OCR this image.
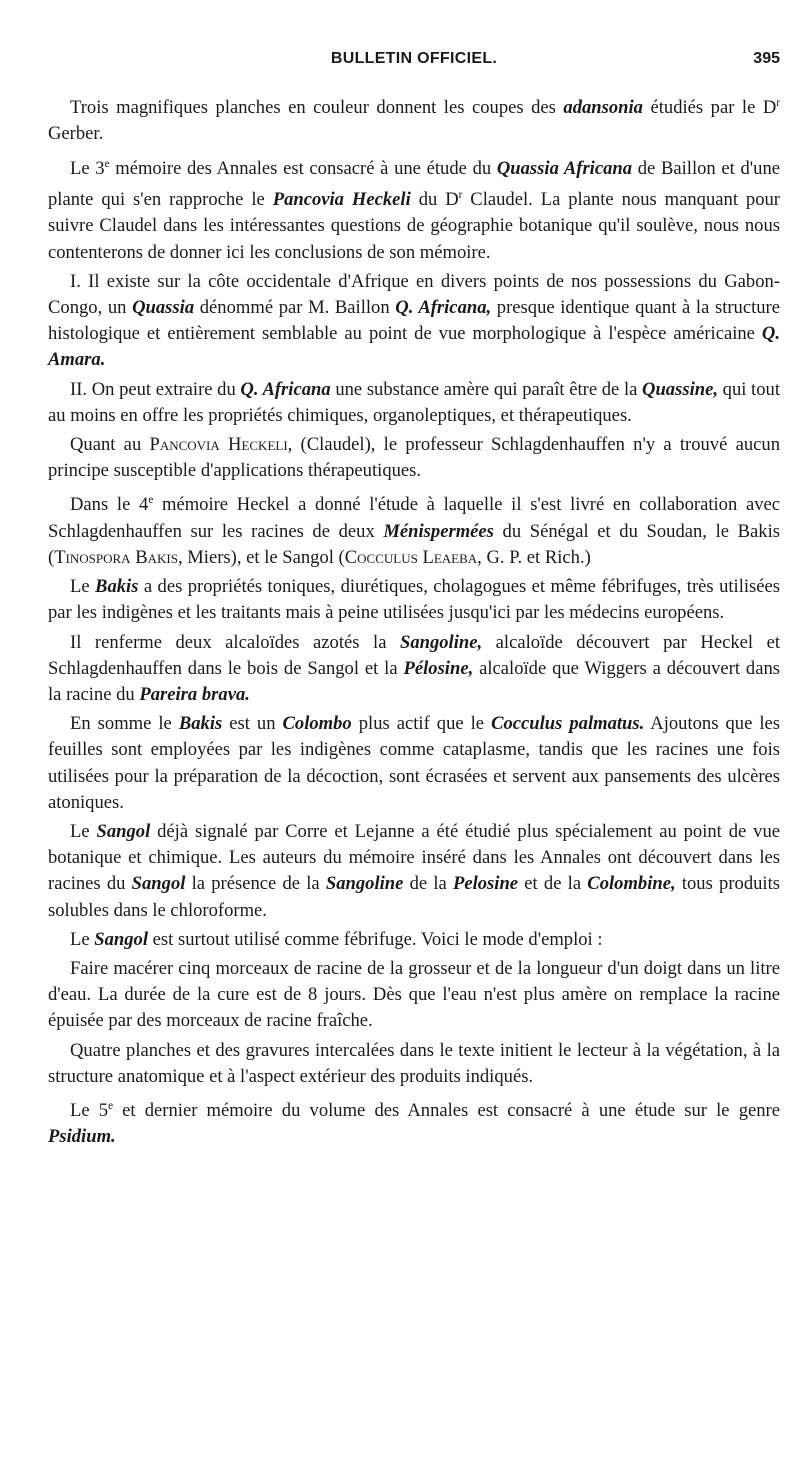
BULLETIN OFFICIEL.	395

Trois magnifiques planches en couleur donnent les coupes des adansonia étudiés par le $D^r$ Gerber.

Le 3e mémoire des Annales est consacré à une étude du Quassia Africana de Baillon et d'une plante qui s'en rapproche le Pancovia Heckeli du $D^r$ Claudel. La plante nous manquant pour suivre Claudel dans les intéressantes questions de géographie botanique qu'il soulève, nous nous contenterons de donner ici les conclusions de son mémoire.

I. Il existe sur la côte occidentale d'Afrique en divers points de nos possessions du Gabon-Congo, un Quassia dénommé par M. Baillon Q. Africana, presque identique quant à la structure histologique et entièrement semblable au point de vue morphologique à l'espèce américaine Q. Amara.

II. On peut extraire du Q. Africana une substance amère qui paraît être de la Quassine, qui tout au moins en offre les propriétés chimiques, organoleptiques, et thérapeutiques.

Quant au Pancovia Heckeli, (Claudel), le professeur Schlagdenhauffen n'y a trouvé aucun principe susceptible d'applications thérapeutiques.

Dans le 4e mémoire Heckel a donné l'étude à laquelle il s'est livré en collaboration avec Schlagdenhauffen sur les racines de deux Ménispermées du Sénégal et du Soudan, le Bakis (Tinospora Bakis, Miers), et le Sangol (Cocculus Leaeba, G. P. et Rich.)

Le Bakis a des propriétés toniques, diurétiques, cholagogues et même fébrifuges, très utilisées par les indigènes et les traitants mais à peine utilisées jusqu'ici par les médecins européens.

Il renferme deux alcaloïdes azotés la Sangoline, alcaloïde découvert par Heckel et Schlagdenhauffen dans le bois de Sangol et la Pélosine, alcaloïde que Wiggers a découvert dans la racine du Pareira brava.

En somme le Bakis est un Colombo plus actif que le Cocculus palmatus. Ajoutons que les feuilles sont employées par les indigènes comme cataplasme, tandis que les racines une fois utilisées pour la préparation de la décoction, sont écrasées et servent aux pansements des ulcères atoniques.

Le Sangol déjà signalé par Corre et Lejanne a été étudié plus spécialement au point de vue botanique et chimique. Les auteurs du mémoire inséré dans les Annales ont découvert dans les racines du Sangol la présence de la Sangoline de la Pelosine et de la Colombine, tous produits solubles dans le chloroforme.

Le Sangol est surtout utilisé comme fébrifuge. Voici le mode d'emploi :

Faire macérer cinq morceaux de racine de la grosseur et de la longueur d'un doigt dans un litre d'eau. La durée de la cure est de 8 jours. Dès que l'eau n'est plus amère on remplace la racine épuisée par des morceaux de racine fraîche.

Quatre planches et des gravures intercalées dans le texte initient le lecteur à la végétation, à la structure anatomique et à l'aspect extérieur des produits indiqués.

Le 5e et dernier mémoire du volume des Annales est consacré à une étude sur le genre Psidium.
